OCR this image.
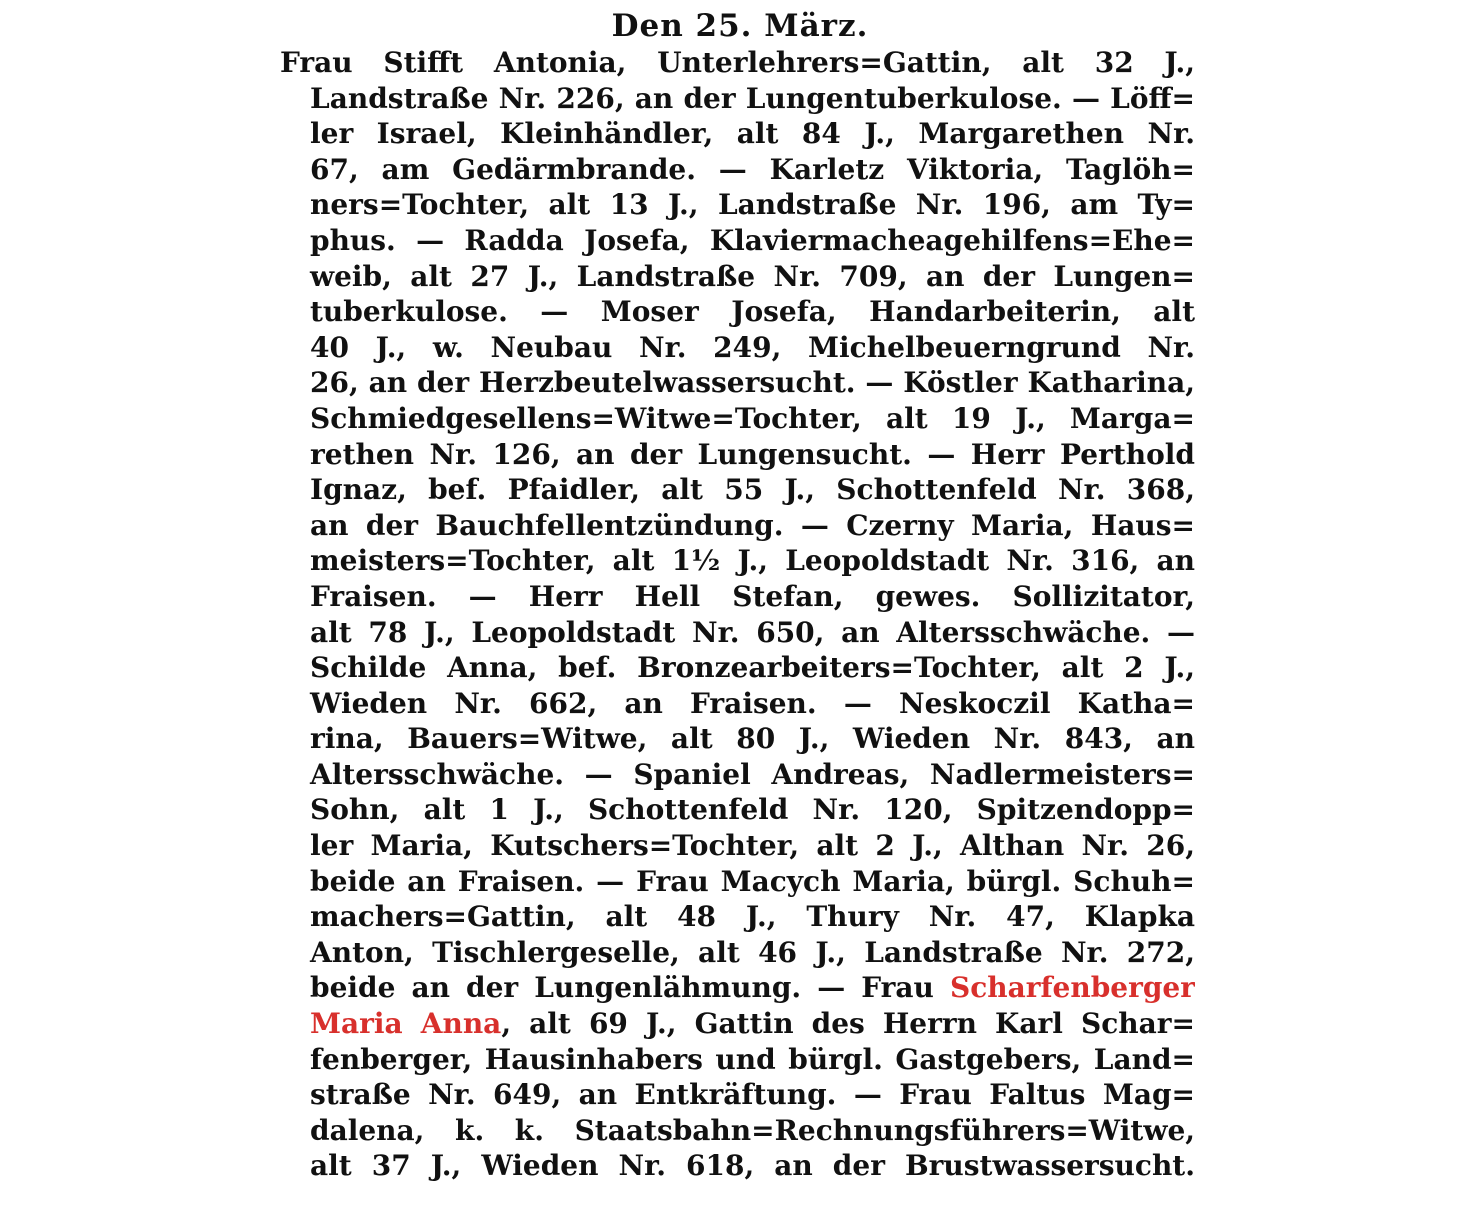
Den 25. März.
Frau Stifft Antonia, Unterlehrers=Gattin, alt 32 J.,
Landstraße Nr. 226, an der Lungentuberkulose. — Löff=
ler Israel, Kleinhändler, alt 84 J., Margarethen Nr.
67, am Gedärmbrande. — Karletz Viktoria, Taglöh=
ners=Tochter, alt 13 J., Landstraße Nr. 196, am Ty=
phus. — Radda Josefa, Klaviermacheagehilfens=Ehe=
weib, alt 27 J., Landstraße Nr. 709, an der Lungen=
tuberkulose. — Moser Josefa, Handarbeiterin, alt
40 J., w. Neubau Nr. 249, Michelbeuerngrund Nr.
26, an der Herzbeutelwassersucht. — Köstler Katharina,
Schmiedgesellens=Witwe=Tochter, alt 19 J., Marga=
rethen Nr. 126, an der Lungensucht. — Herr Perthold
Ignaz, bef. Pfaidler, alt 55 J., Schottenfeld Nr. 368,
an der Bauchfellentzündung. — Czerny Maria, Haus=
meisters=Tochter, alt 1½ J., Leopoldstadt Nr. 316, an
Fraisen. — Herr Hell Stefan, gewes. Sollizitator,
alt 78 J., Leopoldstadt Nr. 650, an Altersschwäche. —
Schilde Anna, bef. Bronzearbeiters=Tochter, alt 2 J.,
Wieden Nr. 662, an Fraisen. — Neskoczil Katha=
rina, Bauers=Witwe, alt 80 J., Wieden Nr. 843, an
Altersschwäche. — Spaniel Andreas, Nadlermeisters=
Sohn, alt 1 J., Schottenfeld Nr. 120, Spitzendopp=
ler Maria, Kutschers=Tochter, alt 2 J., Althan Nr. 26,
beide an Fraisen. — Frau Macych Maria, bürgl. Schuh=
machers=Gattin, alt 48 J., Thury Nr. 47, Klapka
Anton, Tischlergeselle, alt 46 J., Landstraße Nr. 272,
beide an der Lungenlähmung. — Frau Scharfenberger
Maria Anna, alt 69 J., Gattin des Herrn Karl Schar=
fenberger, Hausinhabers und bürgl. Gastgebers, Land=
straße Nr. 649, an Entkräftung. — Frau Faltus Mag=
dalena, k. k. Staatsbahn=Rechnungsführers=Witwe,
alt 37 J., Wieden Nr. 618, an der Brustwassersucht.
